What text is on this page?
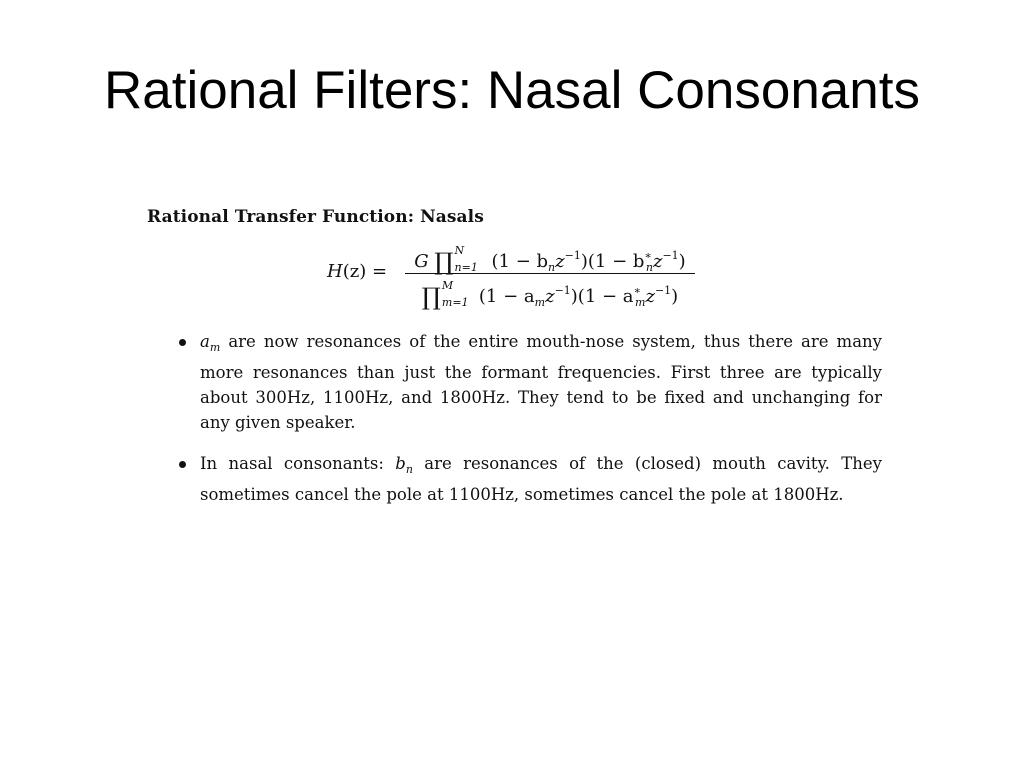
Rational Filters: Nasal Consonants

Rational Transfer Function: Nasals

H(z) =	G ∏ N
n=1 $(1 - b_nz^{-1})(1 - b^∗_nz^{-1})$
∏ M
m=1 $(1 - a_mz^{-1})(1 - a^∗_mz^{-1})$
$a_m$ are now resonances of the entire mouth-nose system, thus there are many more resonances than just the formant frequencies. First three are typically about 300Hz, 1100Hz, and 1800Hz. They tend to be fixed and unchanging for any given speaker.
In nasal consonants: $b_n$ are resonances of the (closed) mouth cavity. They sometimes cancel the pole at 1100Hz, sometimes cancel the pole at 1800Hz.
